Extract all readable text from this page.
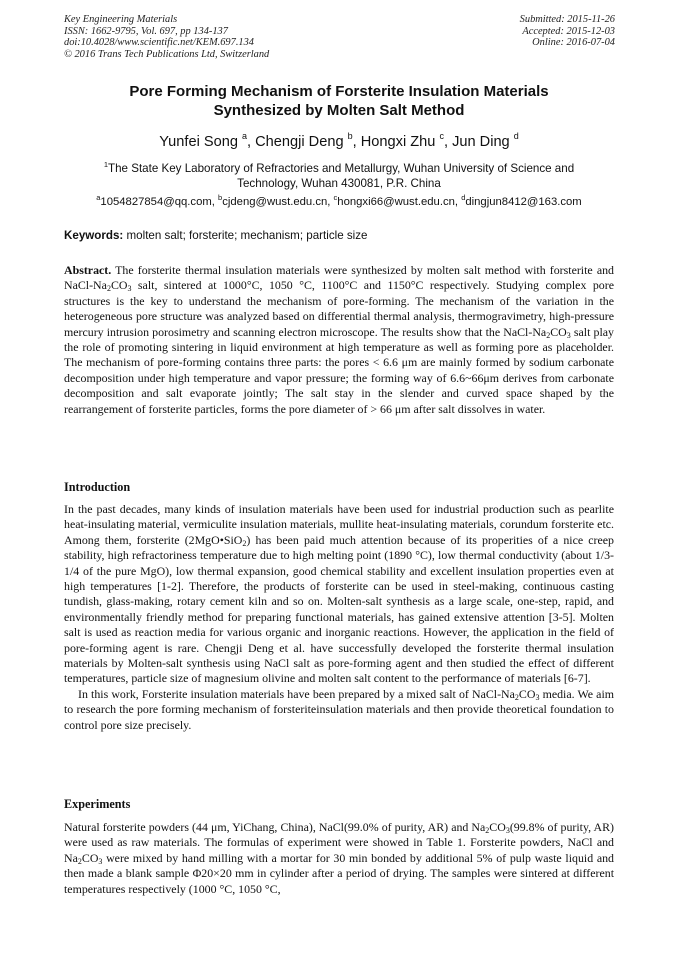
Key Engineering Materials
ISSN: 1662-9795, Vol. 697, pp 134-137
doi:10.4028/www.scientific.net/KEM.697.134
© 2016 Trans Tech Publications Ltd, Switzerland
Submitted: 2015-11-26
Accepted: 2015-12-03
Online: 2016-07-04
Pore Forming Mechanism of Forsterite Insulation Materials
Synthesized by Molten Salt Method
Yunfei Song $^a$, Chengji Deng $^b$, Hongxi Zhu $^c$, Jun Ding $^d$
$^1$The State Key Laboratory of Refractories and Metallurgy, Wuhan University of Science and Technology, Wuhan 430081, P.R. China
$^a$1054827854@qq.com, $^b$cjdeng@wust.edu.cn, $^c$hongxi66@wust.edu.cn, $^d$dingjun8412@163.com
Keywords: molten salt; forsterite; mechanism; particle size
Abstract. The forsterite thermal insulation materials were synthesized by molten salt method with forsterite and NaCl-$Na_2CO_3$ salt, sintered at 1000°C, 1050 °C, 1100°C and 1150°C respectively. Studying complex pore structures is the key to understand the mechanism of pore-forming. The mechanism of the variation in the heterogeneous pore structure was analyzed based on differential thermal analysis, thermogravimetry, high-pressure mercury intrusion porosimetry and scanning electron microscope. The results show that the NaCl-$Na_2CO_3$ salt play the role of promoting sintering in liquid environment at high temperature as well as forming pore as placeholder. The mechanism of pore-forming contains three parts: the pores < 6.6 μm are mainly formed by sodium carbonate decomposition under high temperature and vapor pressure; the forming way of 6.6~66μm derives from carbonate decomposition and salt evaporate jointly; The salt stay in the slender and curved space shaped by the rearrangement of forsterite particles, forms the pore diameter of > 66 μm after salt dissolves in water.
Introduction
In the past decades, many kinds of insulation materials have been used for industrial production such as pearlite heat-insulating material, vermiculite insulation materials, mullite heat-insulating materials, corundum forsterite etc. Among them, forsterite (2MgO•SiO$_2$) has been paid much attention because of its properities of a nice creep stability, high refractoriness temperature due to high melting point (1890 °C), low thermal conductivity (about 1/3-1/4 of the pure MgO), low thermal expansion, good chemical stability and excellent insulation properties even at high temperatures [1-2]. Therefore, the products of forsterite can be used in steel-making, continuous casting tundish, glass-making, rotary cement kiln and so on. Molten-salt synthesis as a large scale, one-step, rapid, and environmentally friendly method for preparing functional materials, has gained extensive attention [3-5]. Molten salt is used as reaction media for various organic and inorganic reactions. However, the application in the field of pore-forming agent is rare. Chengji Deng et al. have successfully developed the forsterite thermal insulation materials by Molten-salt synthesis using NaCl salt as pore-forming agent and then studied the effect of different temperatures, particle size of magnesium olivine and molten salt content to the performance of materials [6-7].
In this work, Forsterite insulation materials have been prepared by a mixed salt of NaCl-$Na_2CO_3$ media. We aim to research the pore forming mechanism of forsteriteinsulation materials and then provide theoretical foundation to control pore size precisely.
Experiments
Natural forsterite powders (44 μm, YiChang, China), NaCl(99.0% of purity, AR) and $Na_2CO_3(99.8\%$ of purity, AR) were used as raw materials. The formulas of experiment were showed in Table 1. Forsterite powders, NaCl and $Na_2CO_3$ were mixed by hand milling with a mortar for 30 min bonded by additional 5% of pulp waste liquid and then made a blank sample Φ20×20 mm in cylinder after a period of drying. The samples were sintered at different temperatures respectively (1000 °C, 1050 °C,
